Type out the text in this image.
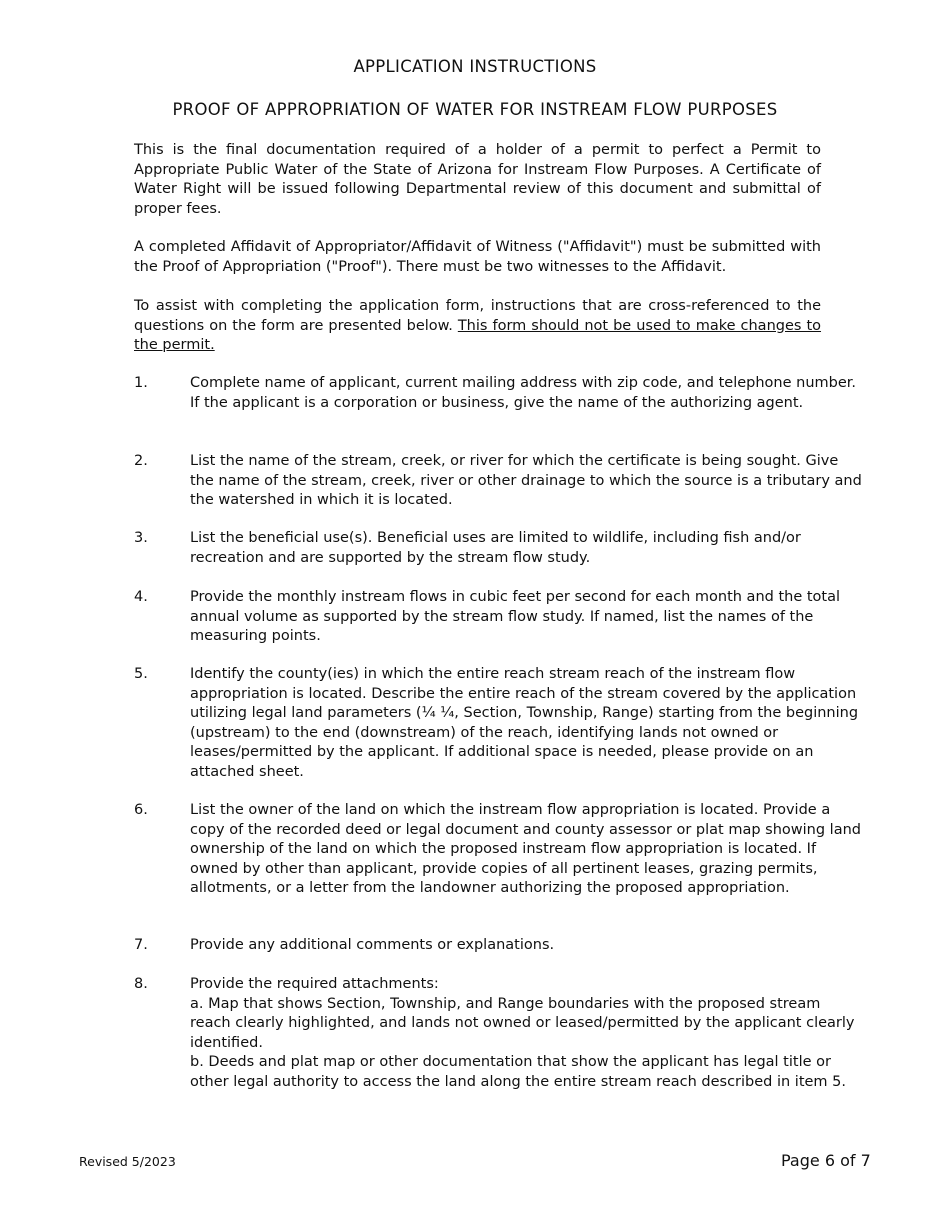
APPLICATION INSTRUCTIONS
PROOF OF APPROPRIATION OF WATER FOR INSTREAM FLOW PURPOSES

This is the final documentation required of a holder of a permit to perfect a Permit to Appropriate Public Water of the State of Arizona for Instream Flow Purposes. A Certificate of Water Right will be issued following Departmental review of this document and submittal of proper fees.

A completed Affidavit of Appropriator/Affidavit of Witness ("Affidavit") must be submitted with the Proof of Appropriation ("Proof"). There must be two witnesses to the Affidavit.

To assist with completing the application form, instructions that are cross-referenced to the questions on the form are presented below. This form should not be used to make changes to the permit.

1.	Complete name of applicant, current mailing address with zip code, and telephone number. If the applicant is a corporation or business, give the name of the authorizing agent.

2.	List the name of the stream, creek, or river for which the certificate is being sought. Give the name of the stream, creek, river or other drainage to which the source is a tributary and the watershed in which it is located.

3.	List the beneficial use(s). Beneficial uses are limited to wildlife, including fish and/or recreation and are supported by the stream flow study.

4.	Provide the monthly instream flows in cubic feet per second for each month and the total annual volume as supported by the stream flow study. If named, list the names of the measuring points.

5.	Identify the county(ies) in which the entire reach stream reach of the instream flow appropriation is located. Describe the entire reach of the stream covered by the application utilizing legal land parameters (¼ ¼, Section, Township, Range) starting from the beginning (upstream) to the end (downstream) of the reach, identifying lands not owned or leases/permitted by the applicant. If additional space is needed, please provide on an attached sheet.

6.	List the owner of the land on which the instream flow appropriation is located. Provide a copy of the recorded deed or legal document and county assessor or plat map showing land ownership of the land on which the proposed instream flow appropriation is located. If owned by other than applicant, provide copies of all pertinent leases, grazing permits, allotments, or a letter from the landowner authorizing the proposed appropriation.

7.	Provide any additional comments or explanations.

8.	Provide the required attachments:
a. Map that shows Section, Township, and Range boundaries with the proposed stream reach clearly highlighted, and lands not owned or leased/permitted by the applicant clearly identified.
b. Deeds and plat map or other documentation that show the applicant has legal title or other legal authority to access the land along the entire stream reach described in item 5.

Revised 5/2023	Page 6 of 7
